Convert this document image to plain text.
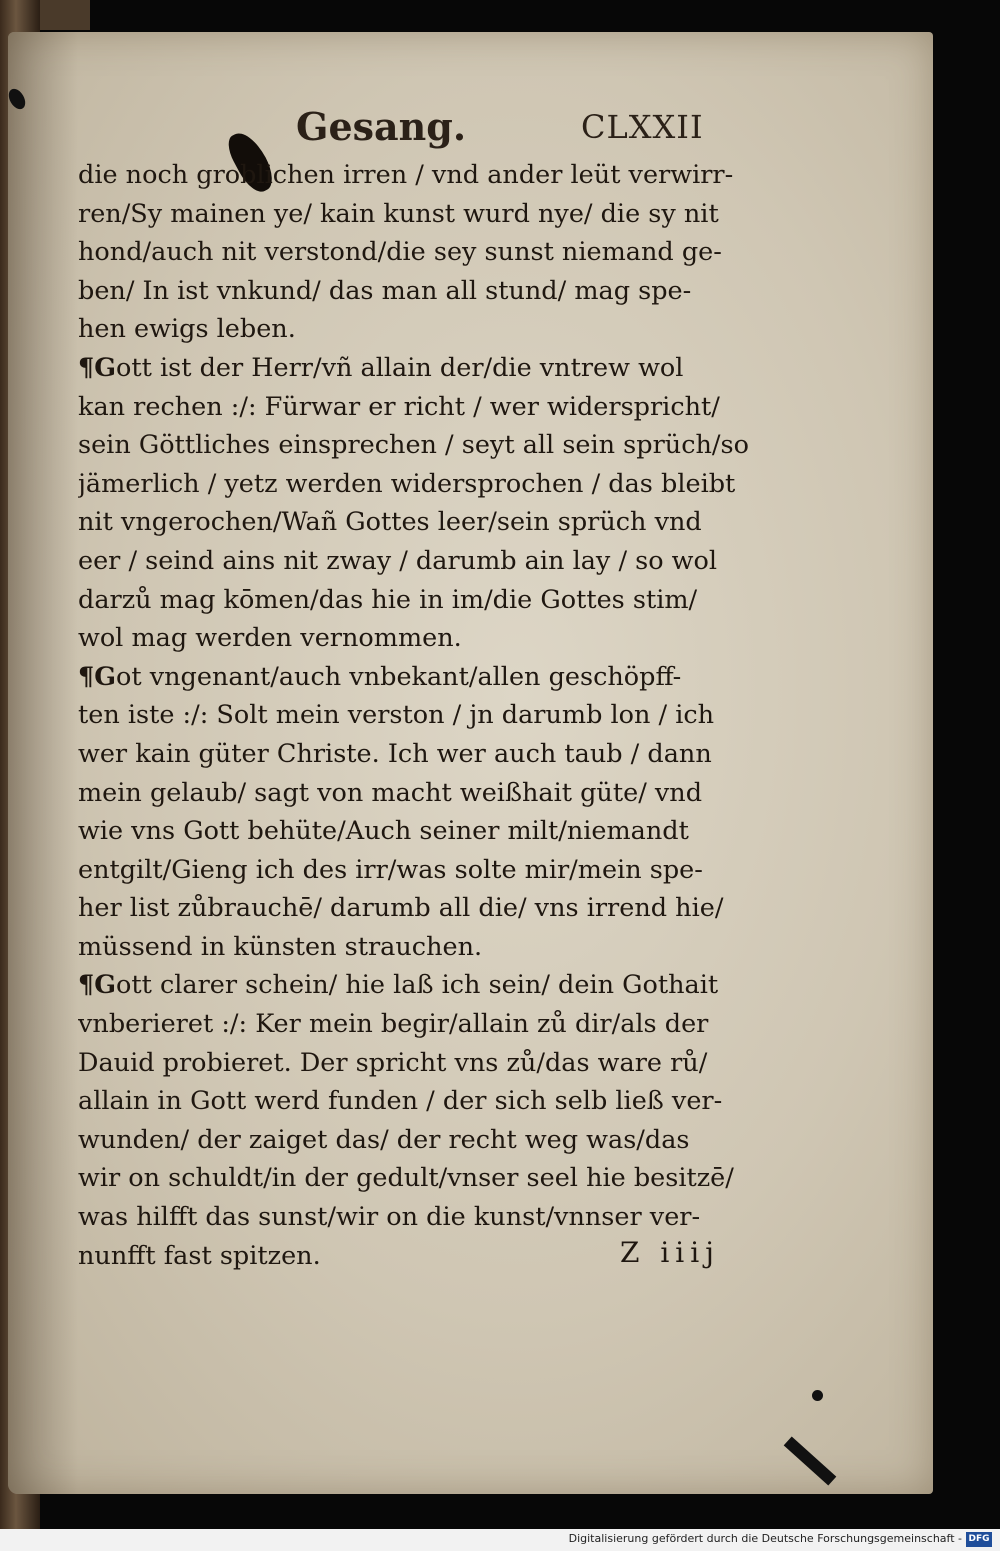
Gesang.	CLXXII
die noch groblichen irren / vnd ander leüt verwirr-
ren/Sy mainen ye/ kain kunst wurd nye/ die sy nit
hond/auch nit verstond/die sey sunst niemand ge-
ben/ In ist vnkund/ das man all stund/ mag spe-
hen ewigs leben.
¶Gott ist der Herr/vñ allain der/die vntrew wol
kan rechen :/: Fürwar er richt / wer widerspricht/
sein Göttliches einsprechen / seyt all sein sprüch/so
jämerlich / yetz werden widersprochen / das bleibt
nit vngerochen/Wañ Gottes leer/sein sprüch vnd
eer / seind ains nit zway / darumb ain lay / so wol
darzů mag kōmen/das hie in im/die Gottes stim/
wol mag werden vernommen.
¶Got vngenant/auch vnbekant/allen geschöpff-
ten iste :/: Solt mein verston / jn darumb lon / ich
wer kain güter Christe. Ich wer auch taub / dann
mein gelaub/ sagt von macht weißhait güte/ vnd
wie vns Gott behüte/Auch seiner milt/niemandt
entgilt/Gieng ich des irr/was solte mir/mein spe-
her list zůbrauchē/ darumb all die/ vns irrend hie/
müssend in künsten strauchen.
¶Gott clarer schein/ hie laß ich sein/ dein Gothait
vnberieret :/: Ker mein begir/allain zů dir/als der
Dauid probieret. Der spricht vns zů/das ware rů/
allain in Gott werd funden / der sich selb ließ ver-
wunden/ der zaiget das/ der recht weg was/das
wir on schuldt/in der gedult/vnser seel hie besitzē/
was hilfft das sunst/wir on die kunst/vnnser ver-
nunfft fast spitzen.	Z iiij
Digitalisierung gefördert durch die Deutsche Forschungsgemeinschaft - DFG
